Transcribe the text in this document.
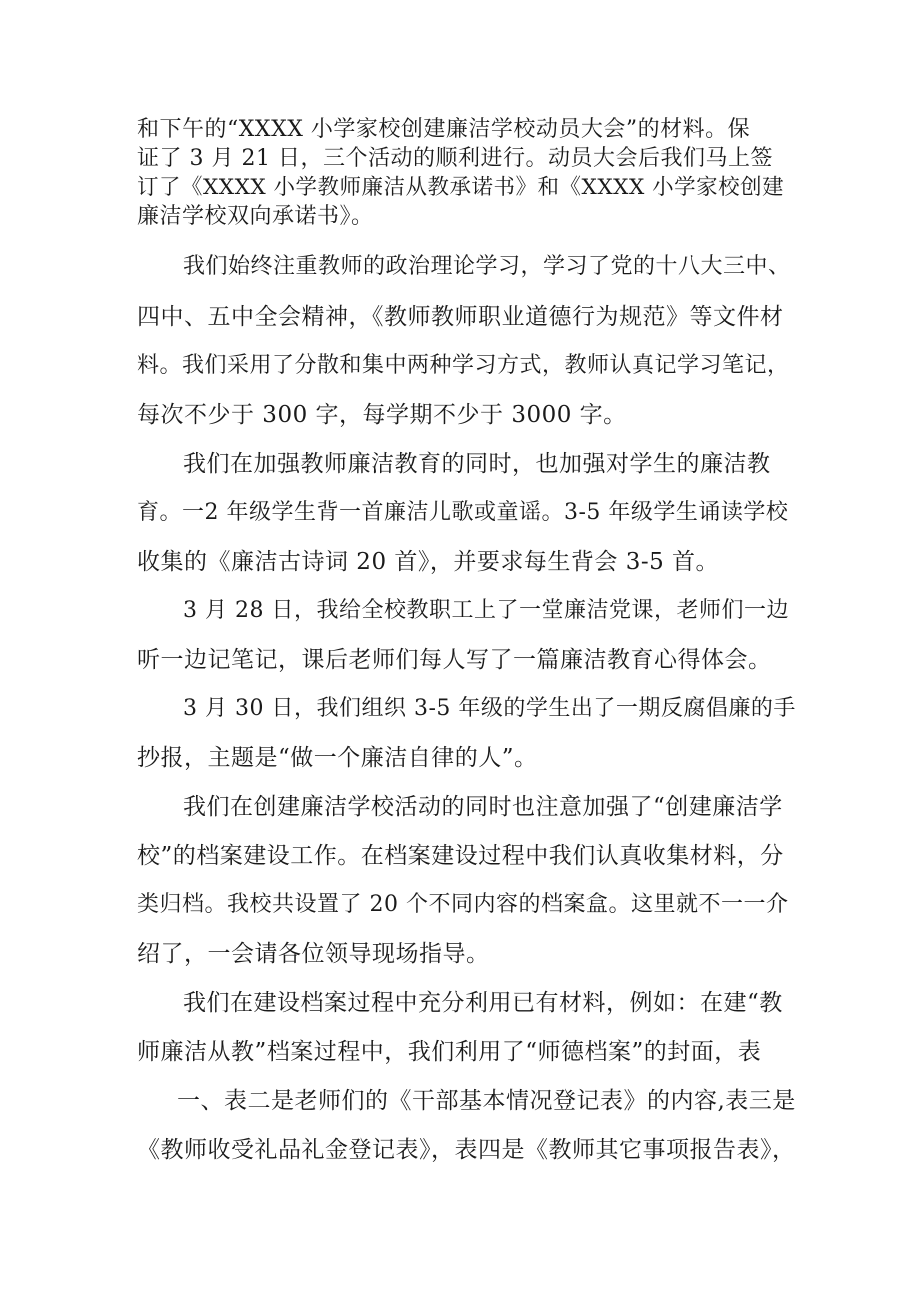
和下午的“XXXX 小学家校创建廉洁学校动员大会”的材料。保
证了 3 月 21 日，三个活动的顺利进行。动员大会后我们马上签
订了《XXXX 小学教师廉洁从教承诺书》和《XXXX 小学家校创建
廉洁学校双向承诺书》。
我们始终注重教师的政治理论学习，学习了党的十八大三中、
四中、五中全会精神，《教师教师职业道德行为规范》等文件材
料。我们采用了分散和集中两种学习方式，教师认真记学习笔记，
每次不少于 300 字，每学期不少于 3000 字。
我们在加强教师廉洁教育的同时，也加强对学生的廉洁教
育。一2 年级学生背一首廉洁儿歌或童谣。3-5 年级学生诵读学校
收集的《廉洁古诗词 20 首》，并要求每生背会 3-5 首。
3 月 28 日，我给全校教职工上了一堂廉洁党课，老师们一边
听一边记笔记，课后老师们每人写了一篇廉洁教育心得体会。
3 月 30 日，我们组织 3-5 年级的学生出了一期反腐倡廉的手
抄报，主题是“做一个廉洁自律的人”。
我们在创建廉洁学校活动的同时也注意加强了“创建廉洁学
校”的档案建设工作。在档案建设过程中我们认真收集材料，分
类归档。我校共设置了 20 个不同内容的档案盒。这里就不一一介
绍了，一会请各位领导现场指导。
我们在建设档案过程中充分利用已有材料，例如：在建“教
师廉洁从教”档案过程中，我们利用了“师德档案”的封面，表
一、表二是老师们的《干部基本情况登记表》的内容,表三是
《教师收受礼品礼金登记表》，表四是《教师其它事项报告表》，
